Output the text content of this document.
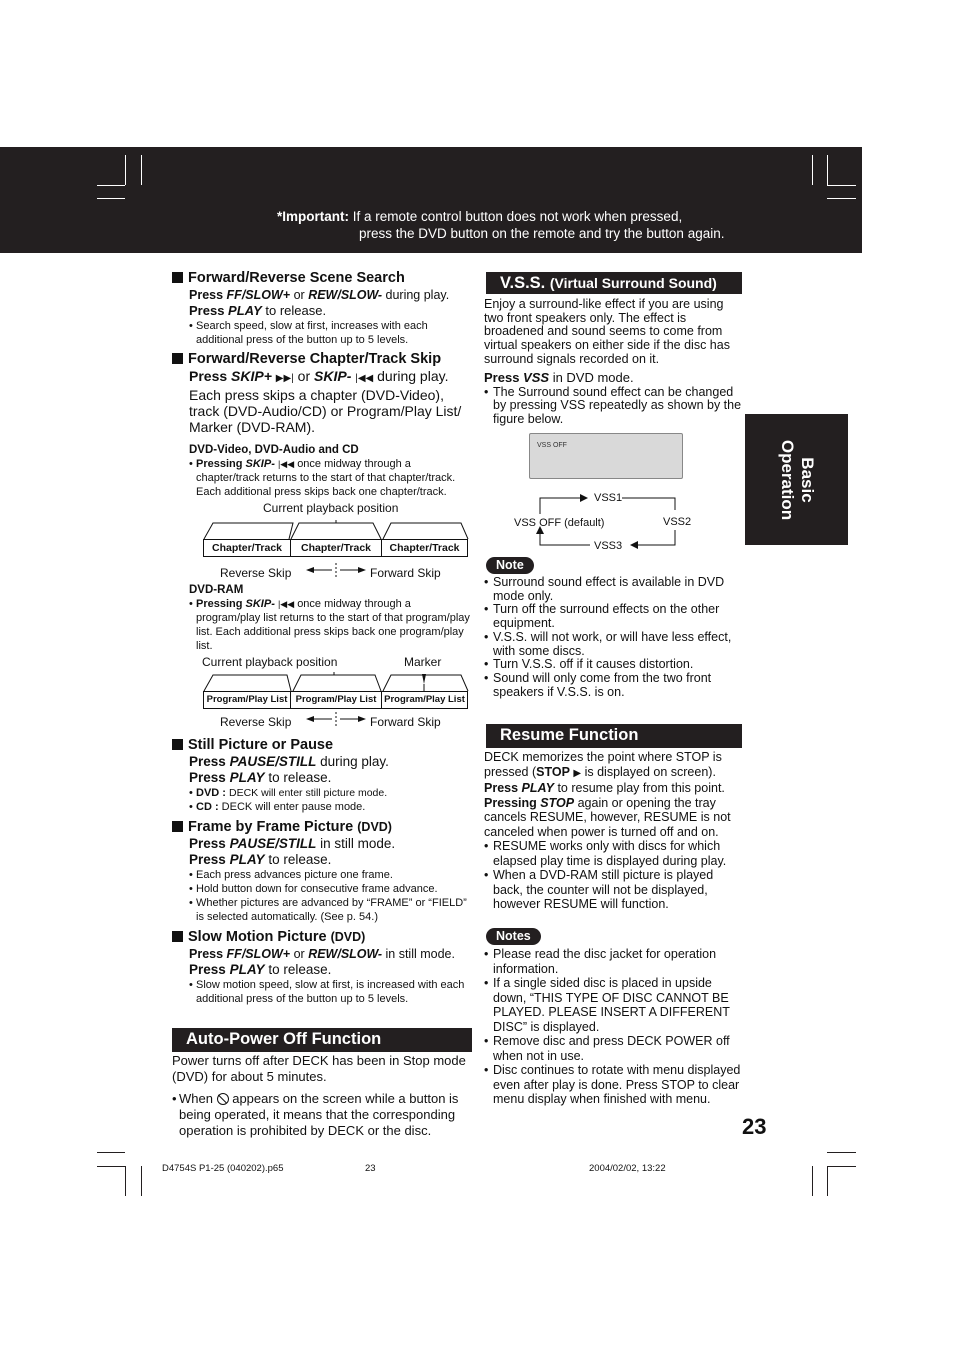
*Important: If a remote control button does not work when pressed,
press the DVD button on the remote and try the button again.
Basic
Operation
Forward/Reverse Scene Search
Press FF/SLOW+ or REW/SLOW- during play.
Press PLAY to release.
• Search speed, slow at first, increases with each additional press of the button up to 5 levels.
Forward/Reverse Chapter/Track Skip
Press SKIP+ ▶▶| or SKIP- |◀◀ during play.
Each press skips a chapter (DVD-Video), track (DVD-Audio/CD) or Program/Play List/ Marker (DVD-RAM).
DVD-Video, DVD-Audio and CD
• Pressing SKIP- |◀◀ once midway through a chapter/track returns to the start of that chapter/track. Each additional press skips back one chapter/track.
Current playback position
Chapter/Track	Chapter/Track	Chapter/Track
Reverse Skip	Forward Skip
DVD-RAM
• Pressing SKIP- |◀◀ once midway through a program/play list returns to the start of that program/play list. Each additional press skips back one program/play list.
Current playback position	Marker
Program/Play List Program/Play List Program/Play List
Reverse Skip	Forward Skip
Still Picture or Pause
Press PAUSE/STILL during play.
Press PLAY to release.
• DVD : DECK will enter still picture mode.
• CD : DECK will enter pause mode.
Frame by Frame Picture (DVD)
Press PAUSE/STILL in still mode.
Press PLAY to release.
• Each press advances picture one frame.
• Hold button down for consecutive frame advance.
• Whether pictures are advanced by “FRAME” or “FIELD” is selected automatically. (See p. 54.)
Slow Motion Picture (DVD)
Press FF/SLOW+ or REW/SLOW- in still mode.
Press PLAY to release.
• Slow motion speed, slow at first, is increased with each additional press of the button up to 5 levels.
Auto-Power Off Function
Power turns off after DECK has been in Stop mode (DVD) for about 5 minutes.
• When appears on the screen while a button is being operated, it means that the corresponding operation is prohibited by DECK or the disc.
V.S.S. (Virtual Surround Sound)
Enjoy a surround-like effect if you are using two front speakers only. The effect is broadened and sound seems to come from virtual speakers on either side if the disc has surround signals recorded on it.
Press VSS in DVD mode.
• The Surround sound effect can be changed by pressing VSS repeatedly as shown by the figure below.
VSS OFF
VSS1
VSS2
VSS3
VSS OFF (default)
Note
• Surround sound effect is available in DVD mode only.
• Turn off the surround effects on the other equipment.
• V.S.S. will not work, or will have less effect, with some discs.
• Turn V.S.S. off if it causes distortion.
• Sound will only come from the two front speakers if V.S.S. is on.
Resume Function
DECK memorizes the point where STOP is pressed (STOP ▶ is displayed on screen).
Press PLAY to resume play from this point.
Pressing STOP again or opening the tray cancels RESUME, however, RESUME is not canceled when power is turned off and on.
• RESUME works only with discs for which elapsed play time is displayed during play.
• When a DVD-RAM still picture is played back, the counter will not be displayed, however RESUME will function.
Notes
• Please read the disc jacket for operation information.
• If a single sided disc is placed in upside down, “THIS TYPE OF DISC CANNOT BE PLAYED. PLEASE INSERT A DIFFERENT DISC” is displayed.
• Remove disc and press DECK POWER off when not in use.
• Disc continues to rotate with menu displayed even after play is done. Press STOP to clear menu display when finished with menu.
23
D4754S P1-25 (040202).p65	23	2004/02/02, 13:22
